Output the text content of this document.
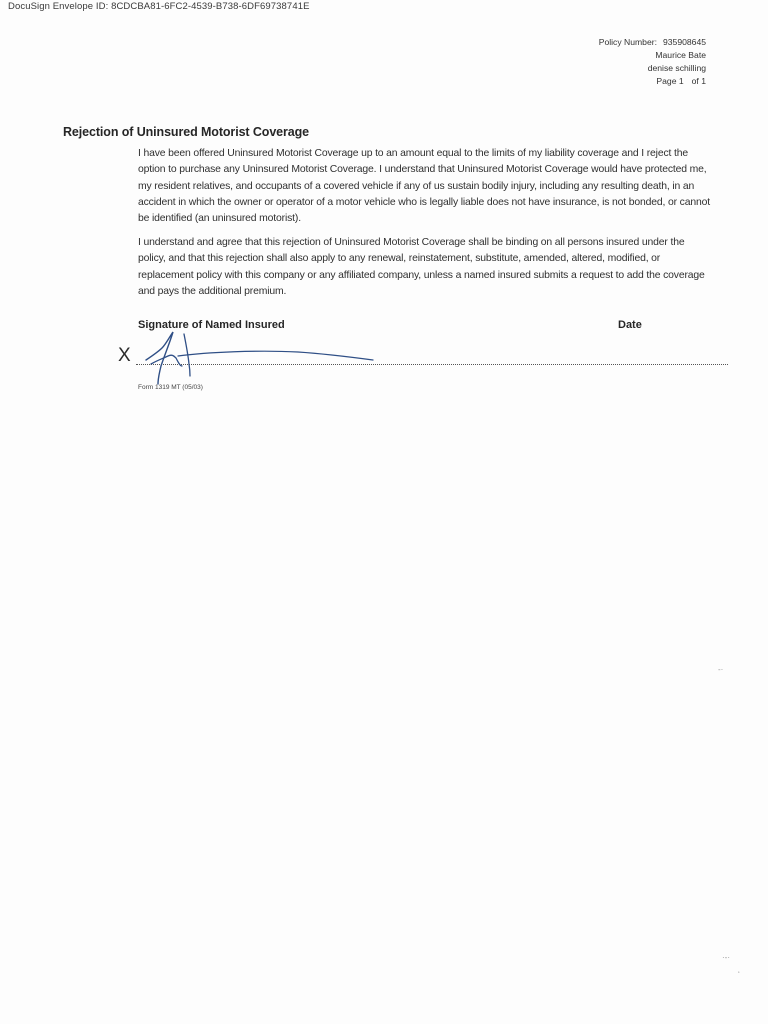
DocuSign Envelope ID: 8CDCBA81-6FC2-4539-B738-6DF69738741E
Policy Number: 935908645
Maurice Bate
denise schilling
Page 1 of 1
Rejection of Uninsured Motorist Coverage
I have been offered Uninsured Motorist Coverage up to an amount equal to the limits of my liability coverage and I reject the option to purchase any Uninsured Motorist Coverage. I understand that Uninsured Motorist Coverage would have protected me, my resident relatives, and occupants of a covered vehicle if any of us sustain bodily injury, including any resulting death, in an accident in which the owner or operator of a motor vehicle who is legally liable does not have insurance, is not bonded, or cannot be identified (an uninsured motorist).
I understand and agree that this rejection of Uninsured Motorist Coverage shall be binding on all persons insured under the policy, and that this rejection shall also apply to any renewal, reinstatement, substitute, amended, altered, modified, or replacement policy with this company or any affiliated company, unless a named insured submits a request to add the coverage and pays the additional premium.
Signature of Named Insured	Date
X
Form 1319 MT (05/03)
-·
·-·
ʻ
